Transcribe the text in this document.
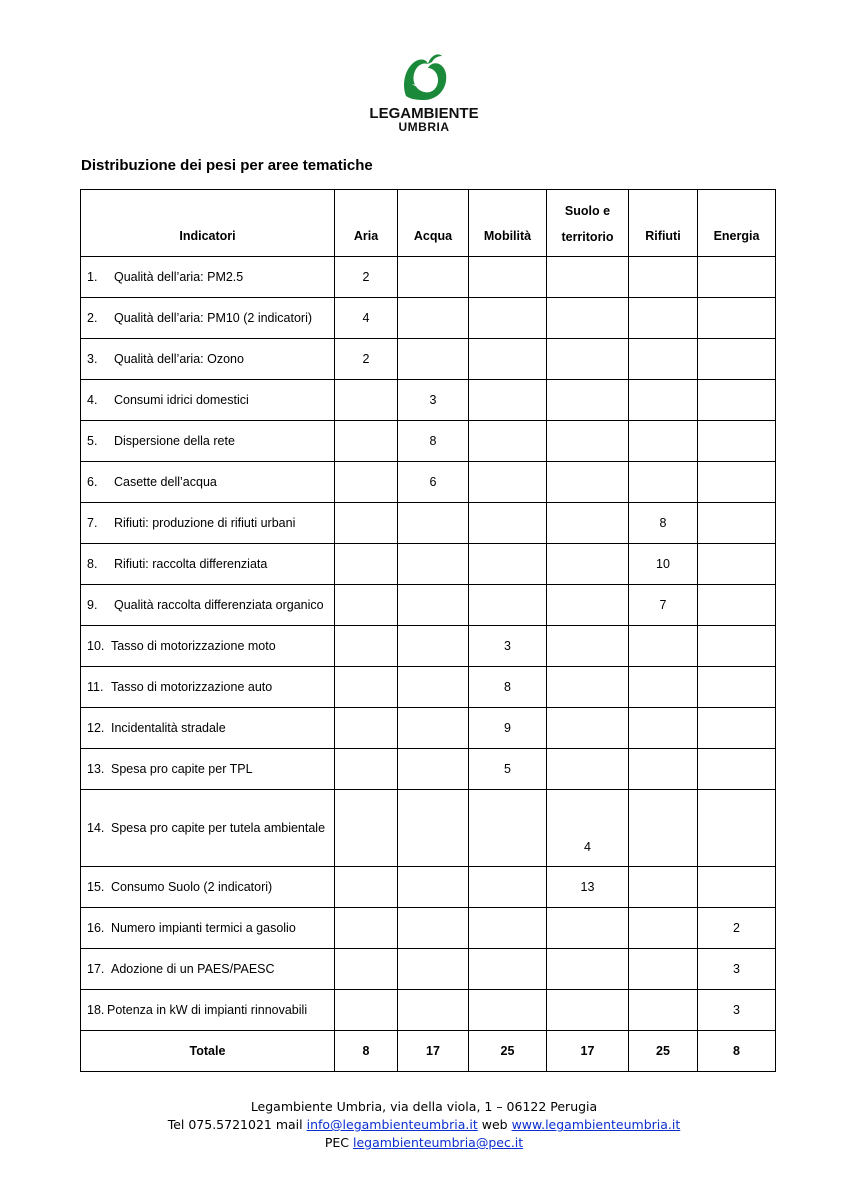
LEGAMBIENTE
UMBRIA
Distribuzione dei pesi per aree tematiche
Indicatori	Aria	Acqua	Mobilità	Suolo e
territorio	Rifiuti	Energia
1. Qualità dell’aria: PM2.5	2					
2. Qualità dell’aria: PM10 (2 indicatori)	4					
3. Qualità dell’aria: Ozono	2					
4. Consumi idrici domestici		3				
5. Dispersione della rete		8				
6. Casette dell’acqua		6				
7. Rifiuti: produzione di rifiuti urbani					8	
8. Rifiuti: raccolta differenziata					10	
9. Qualità raccolta differenziata organico					7	
10. Tasso di motorizzazione moto			3			
11. Tasso di motorizzazione auto			8			
12. Incidentalità stradale			9			
13. Spesa pro capite per TPL			5			
14. Spesa pro capite per tutela ambientale				4		
15. Consumo Suolo (2 indicatori)				13		
16. Numero impianti termici a gasolio						2
17. Adozione di un PAES/PAESC						3
18. Potenza in kW di impianti rinnovabili						3
Totale	8	17	25	17	25	8
Legambiente Umbria, via della viola, 1 – 06122 Perugia
Tel 075.5721021 mail info@legambienteumbria.it web www.legambienteumbria.it
PEC legambienteumbria@pec.it
